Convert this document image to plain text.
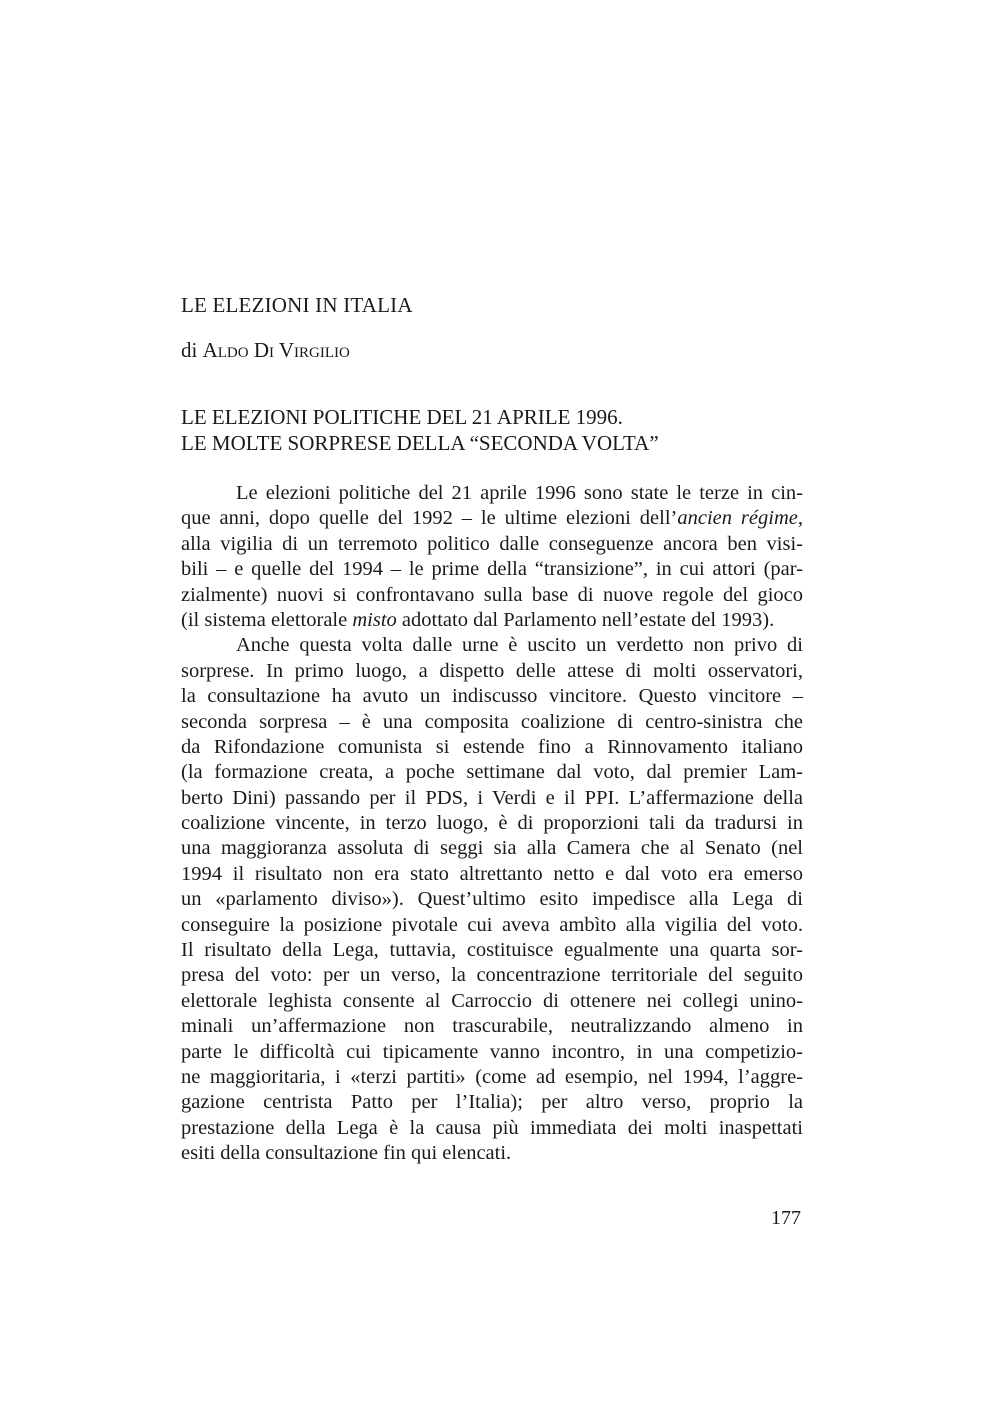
LE ELEZIONI IN ITALIA

di Aldo Di Virgilio

LE ELEZIONI POLITICHE DEL 21 APRILE 1996.
LE MOLTE SORPRESE DELLA “SECONDA VOLTA”
Le elezioni politiche del 21 aprile 1996 sono state le terze in cin-
que anni, dopo quelle del 1992 – le ultime elezioni dell’ancien régime,
alla vigilia di un terremoto politico dalle conseguenze ancora ben visi-
bili – e quelle del 1994 – le prime della “transizione”, in cui attori (par-
zialmente) nuovi si confrontavano sulla base di nuove regole del gioco
(il sistema elettorale misto adottato dal Parlamento nell’estate del 1993).
Anche questa volta dalle urne è uscito un verdetto non privo di
sorprese. In primo luogo, a dispetto delle attese di molti osservatori,
la consultazione ha avuto un indiscusso vincitore. Questo vincitore –
seconda sorpresa – è una composita coalizione di centro-sinistra che
da Rifondazione comunista si estende fino a Rinnovamento italiano
(la formazione creata, a poche settimane dal voto, dal premier Lam-
berto Dini) passando per il PDS, i Verdi e il PPI. L’affermazione della
coalizione vincente, in terzo luogo, è di proporzioni tali da tradursi in
una maggioranza assoluta di seggi sia alla Camera che al Senato (nel
1994 il risultato non era stato altrettanto netto e dal voto era emerso
un «parlamento diviso»). Quest’ultimo esito impedisce alla Lega di
conseguire la posizione pivotale cui aveva ambìto alla vigilia del voto.
Il risultato della Lega, tuttavia, costituisce egualmente una quarta sor-
presa del voto: per un verso, la concentrazione territoriale del seguito
elettorale leghista consente al Carroccio di ottenere nei collegi unino-
minali un’affermazione non trascurabile, neutralizzando almeno in
parte le difficoltà cui tipicamente vanno incontro, in una competizio-
ne maggioritaria, i «terzi partiti» (come ad esempio, nel 1994, l’aggre-
gazione centrista Patto per l’Italia); per altro verso, proprio la
prestazione della Lega è la causa più immediata dei molti inaspettati
esiti della consultazione fin qui elencati.

177
